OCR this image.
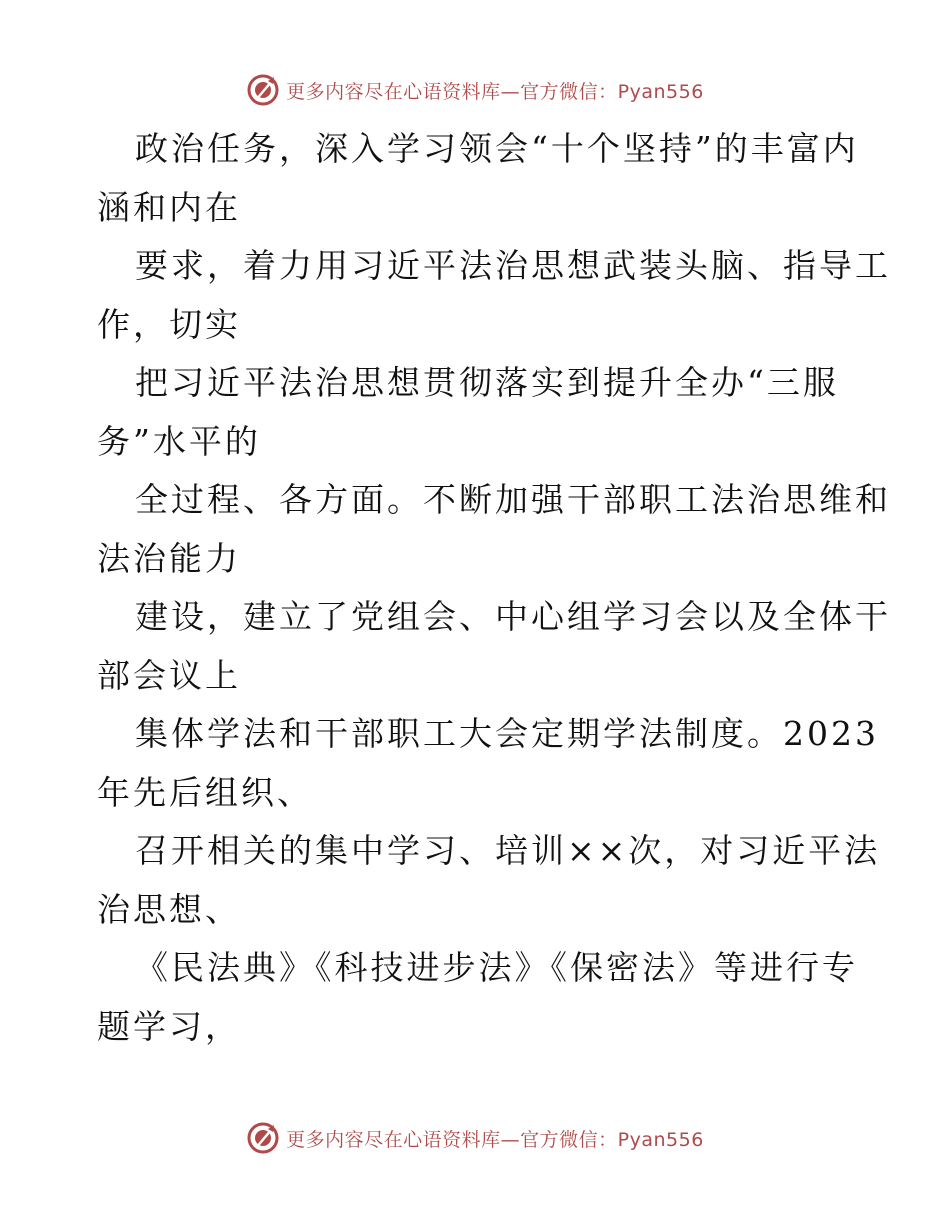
更多内容尽在心语资料库—官方微信：Pyan556
政治任务，深入学习领会“十个坚持”的丰富内
涵和内在
要求，着力用习近平法治思想武装头脑、指导工
作，切实
把习近平法治思想贯彻落实到提升全办“三服
务”水平的
全过程、各方面。不断加强干部职工法治思维和
法治能力
建设，建立了党组会、中心组学习会以及全体干
部会议上
集体学法和干部职工大会定期学法制度。2023
年先后组织、
召开相关的集中学习、培训××次，对习近平法
治思想、
《民法典》《科技进步法》《保密法》等进行专
题学习，
更多内容尽在心语资料库—官方微信：Pyan556
